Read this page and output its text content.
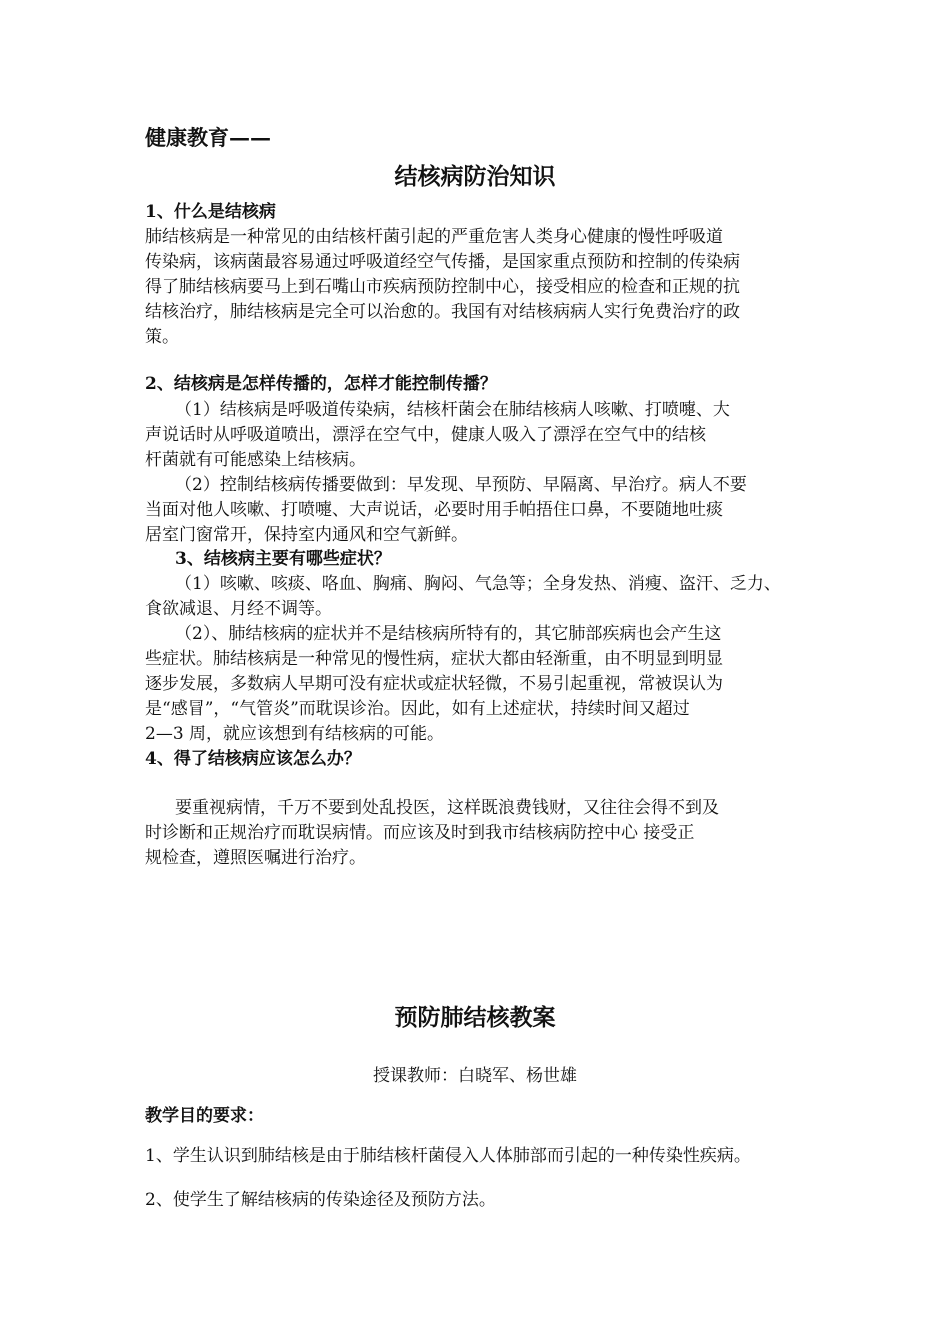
健康教育——
结核病防治知识
1、什么是结核病
肺结核病是一种常见的由结核杆菌引起的严重危害人类身心健康的慢性呼吸道
传染病，该病菌最容易通过呼吸道经空气传播，是国家重点预防和控制的传染病
得了肺结核病要马上到石嘴山市疾病预防控制中心，接受相应的检查和正规的抗
结核治疗，肺结核病是完全可以治愈的。我国有对结核病病人实行免费治疗的政
策。
2、结核病是怎样传播的，怎样才能控制传播？
（1）结核病是呼吸道传染病，结核杆菌会在肺结核病人咳嗽、打喷嚏、大
声说话时从呼吸道喷出，漂浮在空气中，健康人吸入了漂浮在空气中的结核
杆菌就有可能感染上结核病。
（2）控制结核病传播要做到：早发现、早预防、早隔离、早治疗。病人不要
当面对他人咳嗽、打喷嚏、大声说话，必要时用手帕捂住口鼻，不要随地吐痰
居室门窗常开，保持室内通风和空气新鲜。
3、结核病主要有哪些症状？
（1）咳嗽、咳痰、咯血、胸痛、胸闷、气急等；全身发热、消瘦、盗汗、乏力、
食欲减退、月经不调等。
（2）、肺结核病的症状并不是结核病所特有的，其它肺部疾病也会产生这
些症状。肺结核病是一种常见的慢性病，症状大都由轻渐重，由不明显到明显
逐步发展，多数病人早期可没有症状或症状轻微，不易引起重视，常被误认为
是“感冒”，“气管炎”而耽误诊治。因此，如有上述症状，持续时间又超过
2—3 周，就应该想到有结核病的可能。
4、得了结核病应该怎么办？
要重视病情，千万不要到处乱投医，这样既浪费钱财，又往往会得不到及
时诊断和正规治疗而耽误病情。而应该及时到我市结核病防控中心 接受正
规检查，遵照医嘱进行治疗。
预防肺结核教案
授课教师：白晓军、杨世雄
教学目的要求：
1、学生认识到肺结核是由于肺结核杆菌侵入人体肺部而引起的一种传染性疾病。
2、使学生了解结核病的传染途径及预防方法。
